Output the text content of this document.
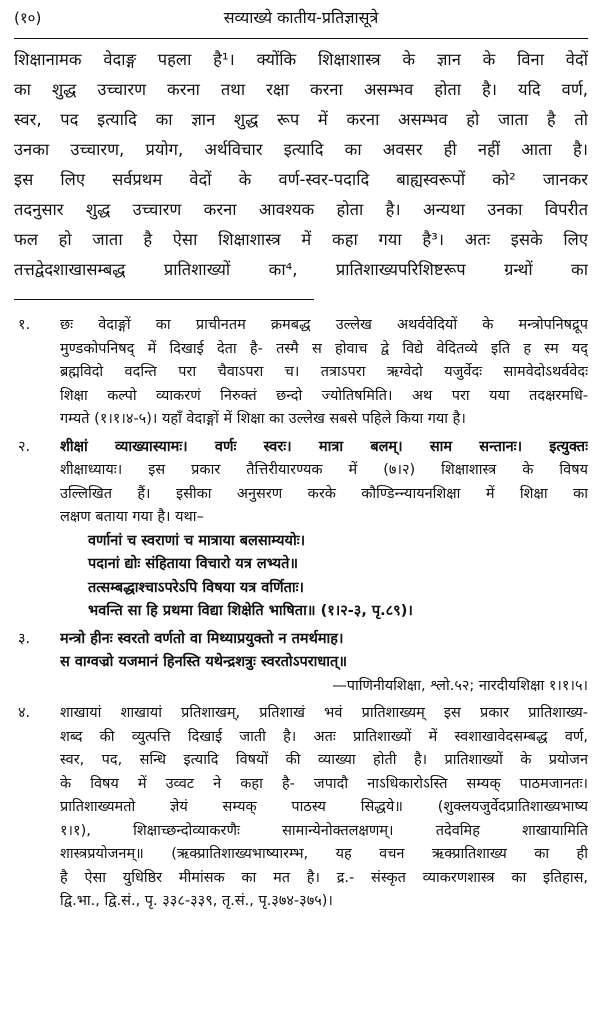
(१०)	सव्याख्ये कातीय-प्रतिज्ञासूत्रे
शिक्षानामक वेदाङ्ग पहला है¹। क्योंकि शिक्षाशास्त्र के ज्ञान के विना वेदों
का शुद्ध उच्चारण करना तथा रक्षा करना असम्भव होता है। यदि वर्ण,
स्वर, पद इत्यादि का ज्ञान शुद्ध रूप में करना असम्भव हो जाता है तो
उनका उच्चारण, प्रयोग, अर्थविचार इत्यादि का अवसर ही नहीं आता है।
इस लिए सर्वप्रथम वेदों के वर्ण-स्वर-पदादि बाह्यस्वरूपों को² जानकर
तदनुसार शुद्ध उच्चारण करना आवश्यक होता है। अन्यथा उनका विपरीत
फल हो जाता है ऐसा शिक्षाशास्त्र में कहा गया है³। अतः इसके लिए
तत्तद्वेदशाखासम्बद्ध प्रातिशाख्यों का⁴, प्रातिशाख्यपरिशिष्टरूप ग्रन्थों का
१.	छः वेदाङ्गों का प्राचीनतम क्रमबद्ध उल्लेख अथर्ववेदियों के मन्त्रोपनिषद्रूप
मुण्डकोपनिषद् में दिखाई देता है- तस्मै स होवाच द्वे विद्ये वेदितव्ये इति ह स्म यद्
ब्रह्मविदो वदन्ति परा चैवाऽपरा च। तत्राऽपरा ऋग्वेदो यजुर्वेदः सामवेदोऽथर्ववेदः
शिक्षा कल्पो व्याकरणं निरुक्तं छन्दो ज्योतिषमिति। अथ परा यया तदक्षरमधि-
गम्यते (१।१।४-५)। यहाँ वेदाङ्गों में शिक्षा का उल्लेख सबसे पहिले किया गया है।
२.	शीक्षां व्याख्यास्यामः। वर्णः स्वरः। मात्रा बलम्। साम सन्तानः। इत्युक्तः
शीक्षाध्यायः। इस प्रकार तैत्तिरीयारण्यक में (७।२) शिक्षाशास्त्र के विषय
उल्लिखित हैं। इसीका अनुसरण करके कौण्डिन्न्यायनशिक्षा में शिक्षा का
लक्षण बताया गया है। यथा–
वर्णानां च स्वराणां च मात्राया बलसाम्ययोः।
पदानां द्योः संहिताया विचारो यत्र लभ्यते॥
तत्सम्बद्धाश्चाऽपरेऽपि विषया यत्र वर्णिताः।
भवन्ति सा हि प्रथमा विद्या शिक्षेति भाषिता॥ (१।२-३, पृ.८९)।
३.	मन्त्रो हीनः स्वरतो वर्णतो वा मिथ्याप्रयुक्तो न तमर्थमाह।
स वाग्वज्रो यजमानं हिनस्ति यथेन्द्रशत्रुः स्वरतोऽपराधात्॥
—पाणिनीयशिक्षा, श्लो.५२; नारदीयशिक्षा १।१।५।
४.	शाखायां शाखायां प्रतिशाखम्, प्रतिशाखं भवं प्रातिशाख्यम् इस प्रकार प्रातिशाख्य-
शब्द की व्युत्पत्ति दिखाई जाती है। अतः प्रातिशाख्यों में स्वशाखावेदसम्बद्ध वर्ण,
स्वर, पद, सन्धि इत्यादि विषयों की व्याख्या होती है। प्रातिशाख्यों के प्रयोजन
के विषय में उव्वट ने कहा है- जपादौ नाऽधिकारोऽस्ति सम्यक् पाठमजानतः।
प्रातिशाख्यमतो ज्ञेयं सम्यक् पाठस्य सिद्धये॥ (शुक्लयजुर्वेदप्रातिशाख्यभाष्य
१।१), शिक्षाच्छन्दोव्याकरणैः सामान्येनोक्तलक्षणम्। तदेवमिह शाखायामिति
शास्त्रप्रयोजनम्॥ (ऋक्प्रातिशाख्यभाष्यारम्भ, यह वचन ऋक्प्रातिशाख्य का ही
है ऐसा युधिष्ठिर मीमांसक का मत है। द्र.- संस्कृत व्याकरणशास्त्र का इतिहास,
द्वि.भा., द्वि.सं., पृ. ३३८-३३९, तृ.सं., पृ.३७४-३७५)।
